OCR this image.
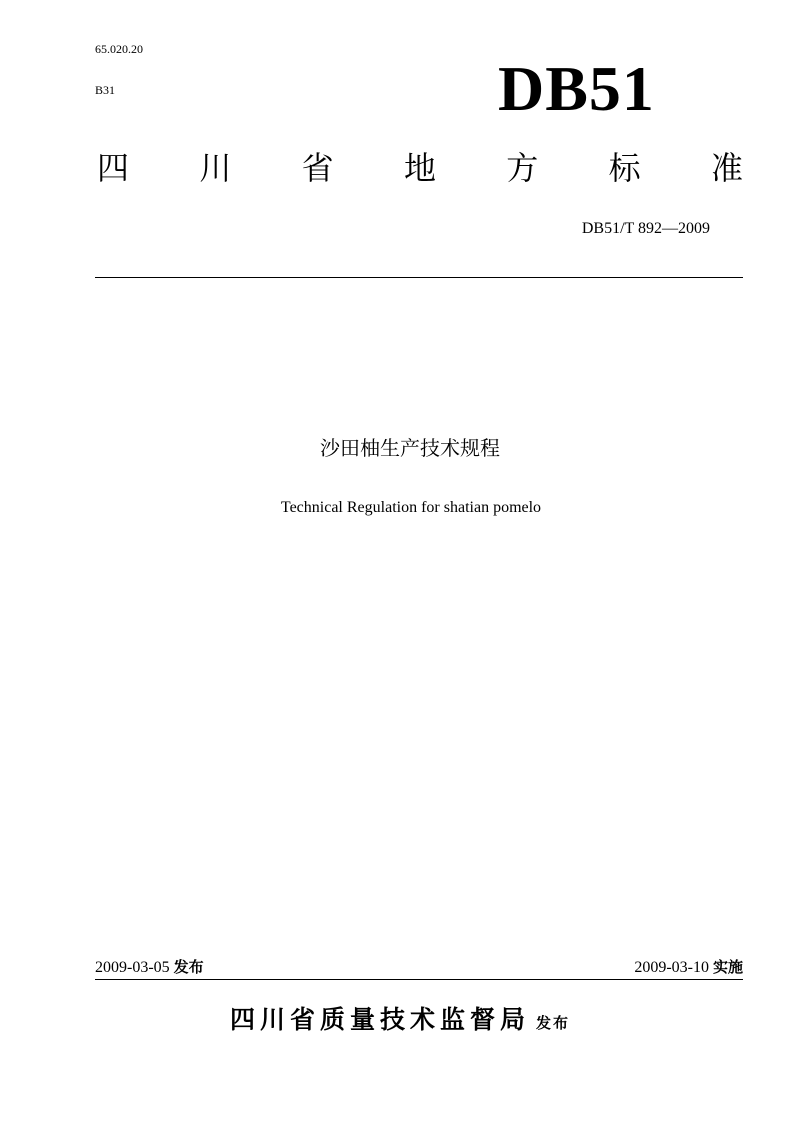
65.020.20
B31	DB51
四 川 省 地 方 标 准
DB51/T 892—2009
沙田柚生产技术规程
Technical Regulation for shatian pomelo
2009-03-05 发布	2009-03-10 实施
四川省质量技术监督局 发布
